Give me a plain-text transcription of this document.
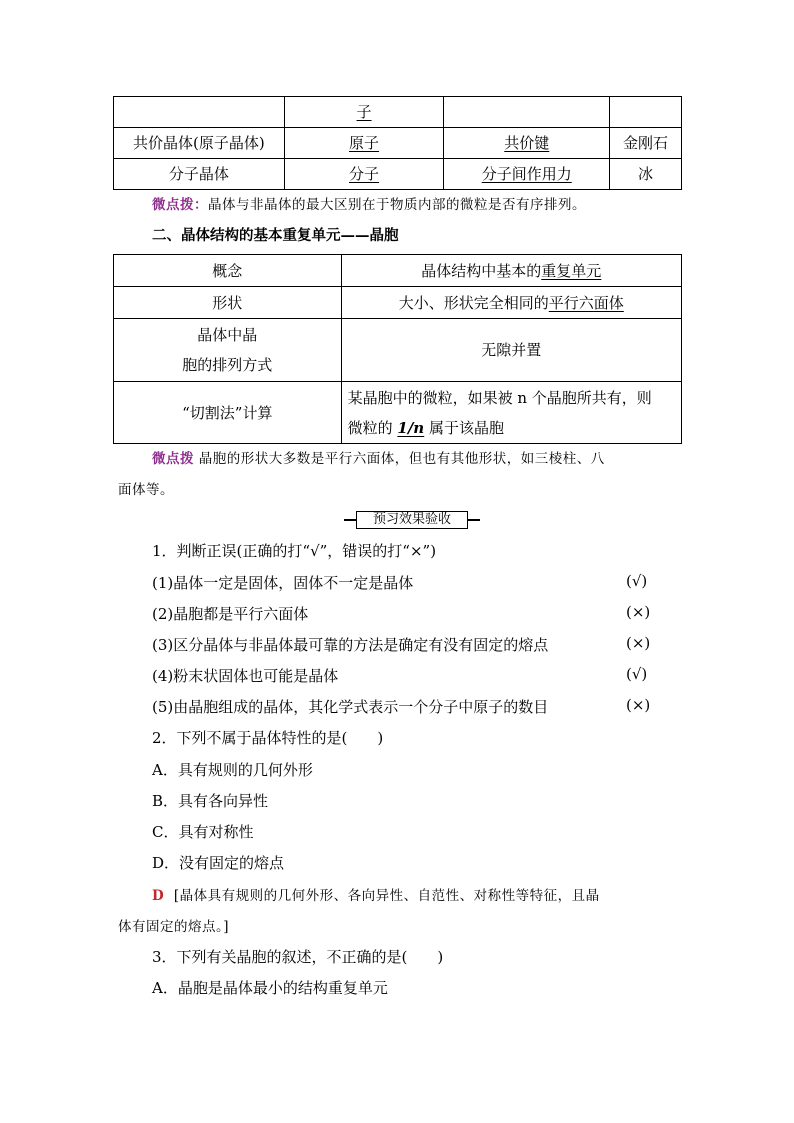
	子		
共价晶体(原子晶体)	原子	共价键	金刚石
分子晶体	分子	分子间作用力	冰
微点拨：晶体与非晶体的最大区别在于物质内部的微粒是否有序排列。
二、晶体结构的基本重复单元——晶胞
概念	晶体结构中基本的重复单元
形状	大小、形状完全相同的平行六面体

晶体中晶
胞的排列方式	无隙并置
“切割法”计算	某晶胞中的微粒，如果被 n 个晶胞所共有，则
微粒的 1/n 属于该晶胞
微点拨 晶胞的形状大多数是平行六面体，但也有其他形状，如三棱柱、八
面体等。
预习效果验收
1．判断正误(正确的打“√”，错误的打“×”)
(1)晶体一定是固体，固体不一定是晶体	(√)
(2)晶胞都是平行六面体	(×)
(3)区分晶体与非晶体最可靠的方法是确定有没有固定的熔点	(×)
(4)粉末状固体也可能是晶体	(√)
(5)由晶胞组成的晶体，其化学式表示一个分子中原子的数目	(×)
2．下列不属于晶体特性的是(　　)
A．具有规则的几何外形
B．具有各向异性
C．具有对称性
D．没有固定的熔点
D [晶体具有规则的几何外形、各向异性、自范性、对称性等特征，且晶
体有固定的熔点。]
3．下列有关晶胞的叙述，不正确的是(　　)
A．晶胞是晶体最小的结构重复单元
